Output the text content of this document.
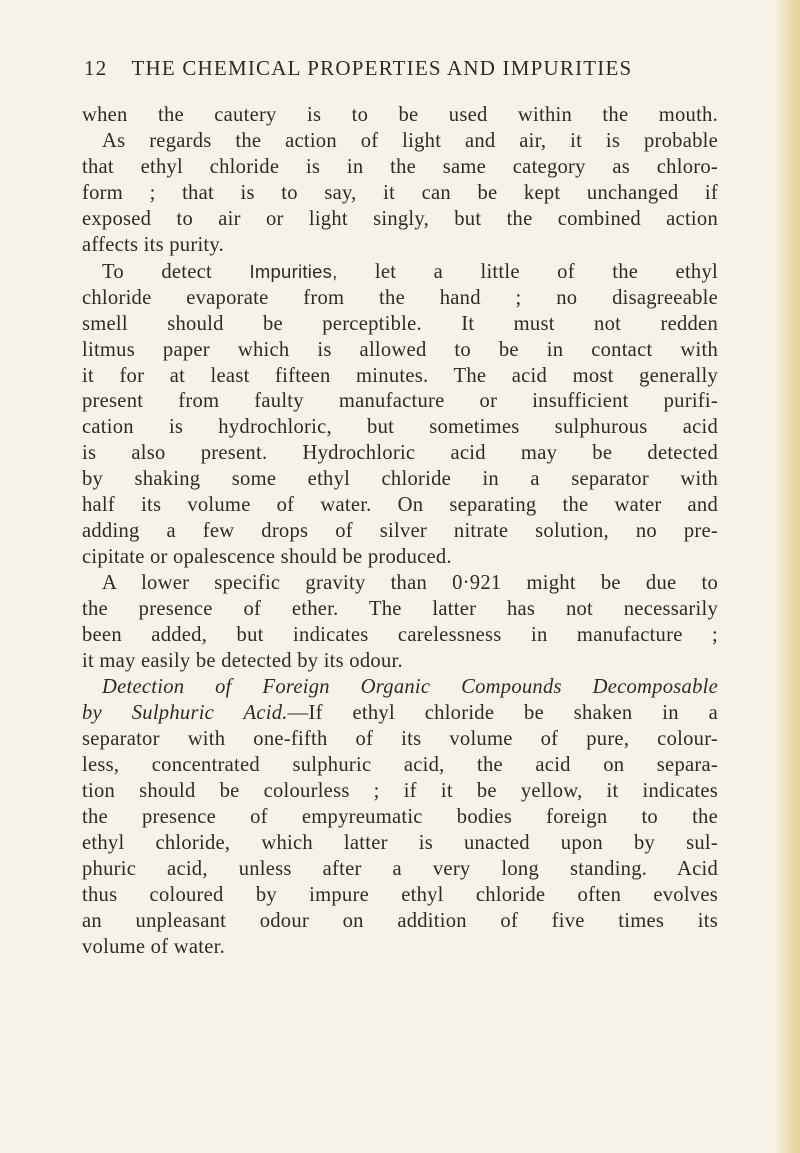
12 THE CHEMICAL PROPERTIES AND IMPURITIES
when the cautery is to be used within the mouth.
As regards the action of light and air, it is probable
that ethyl chloride is in the same category as chloro-
form ; that is to say, it can be kept unchanged if
exposed to air or light singly, but the combined action
affects its purity.
To detect Impurities, let a little of the ethyl
chloride evaporate from the hand ; no disagreeable
smell should be perceptible. It must not redden
litmus paper which is allowed to be in contact with
it for at least fifteen minutes. The acid most generally
present from faulty manufacture or insufficient purifi-
cation is hydrochloric, but sometimes sulphurous acid
is also present. Hydrochloric acid may be detected
by shaking some ethyl chloride in a separator with
half its volume of water. On separating the water and
adding a few drops of silver nitrate solution, no pre-
cipitate or opalescence should be produced.
A lower specific gravity than 0·921 might be due to
the presence of ether. The latter has not necessarily
been added, but indicates carelessness in manufacture ;
it may easily be detected by its odour.
Detection of Foreign Organic Compounds Decomposable
by Sulphuric Acid.—If ethyl chloride be shaken in a
separator with one-fifth of its volume of pure, colour-
less, concentrated sulphuric acid, the acid on separa-
tion should be colourless ; if it be yellow, it indicates
the presence of empyreumatic bodies foreign to the
ethyl chloride, which latter is unacted upon by sul-
phuric acid, unless after a very long standing. Acid
thus coloured by impure ethyl chloride often evolves
an unpleasant odour on addition of five times its
volume of water.
